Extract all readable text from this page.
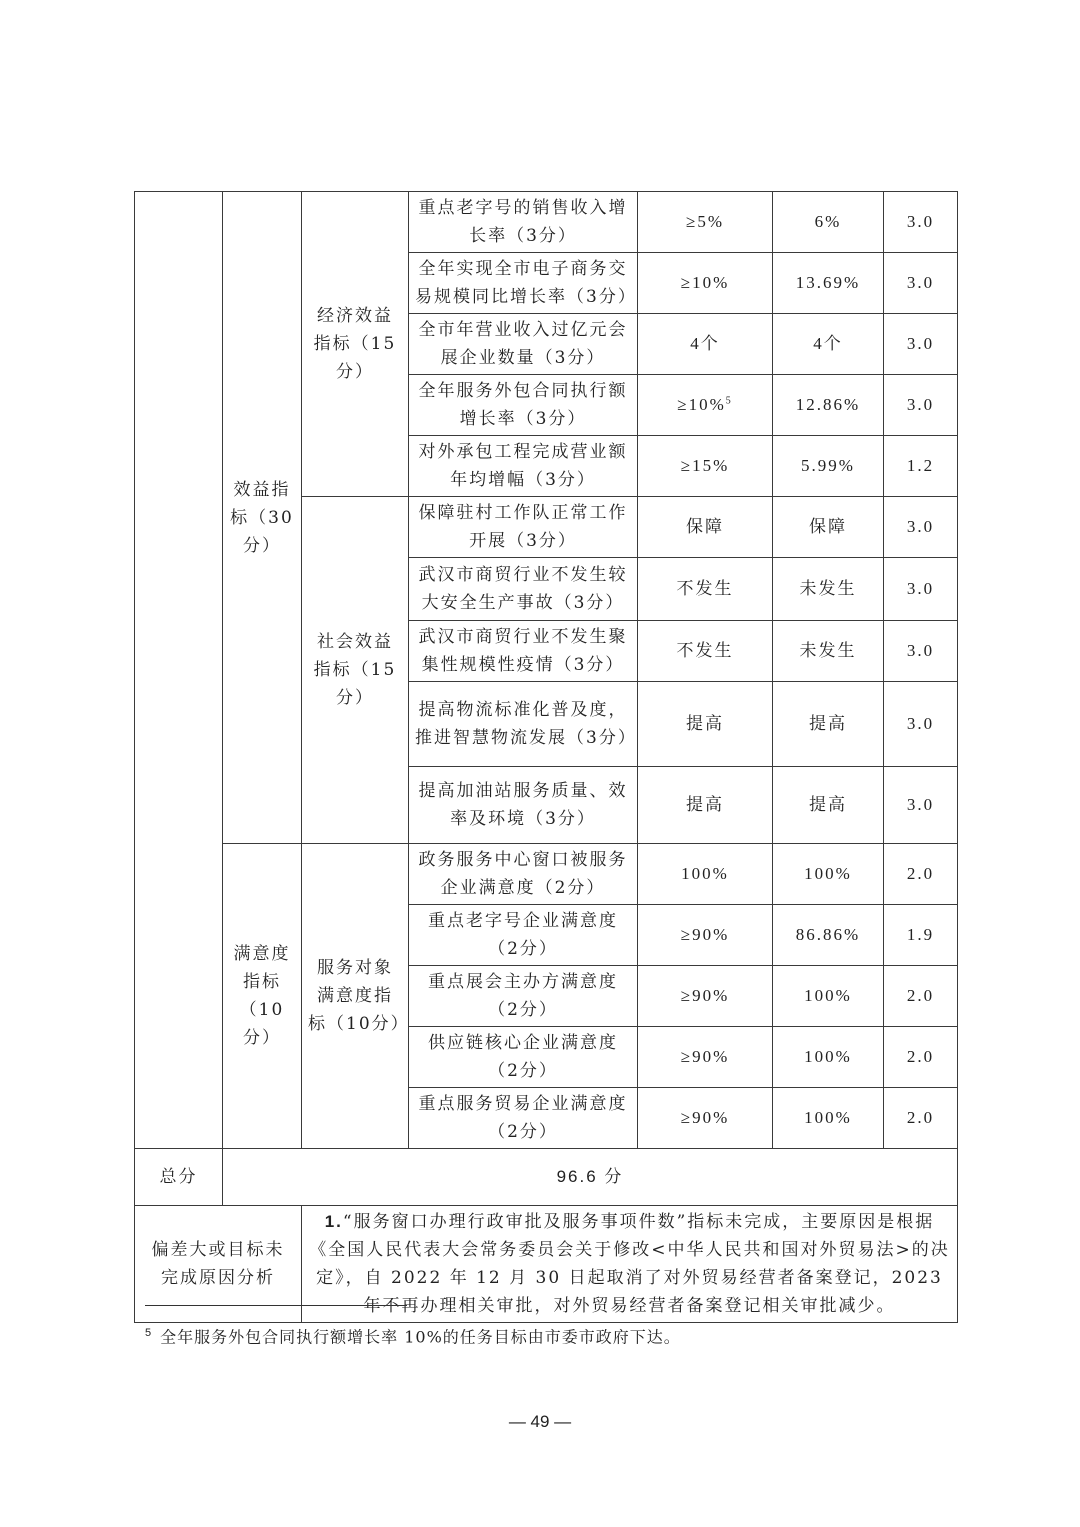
	效益指标（30分）	经济效益指标（15分）	重点老字号的销售收入增长率（3分）	≥5%	6%	3.0
			全年实现全市电子商务交易规模同比增长率（3分）	≥10%	13.69%	3.0
			全市年营业收入过亿元会展企业数量（3分）	4个	4个	3.0
			全年服务外包合同执行额增长率（3分）	≥10%$^5$	12.86%	3.0
			对外承包工程完成营业额年均增幅（3分）	≥15%	5.99%	1.2
		社会效益指标（15分）	保障驻村工作队正常工作开展（3分）	保障	保障	3.0
			武汉市商贸行业不发生较大安全生产事故（3分）	不发生	未发生	3.0
			武汉市商贸行业不发生聚集性规模性疫情（3分）	不发生	未发生	3.0
			提高物流标准化普及度，推进智慧物流发展（3分）	提高	提高	3.0
			提高加油站服务质量、效率及环境（3分）	提高	提高	3.0
	满意度指标（10分）	服务对象满意度指标（10分）	政务服务中心窗口被服务企业满意度（2分）	100%	100%	2.0
			重点老字号企业满意度（2分）	≥90%	86.86%	1.9
			重点展会主办方满意度（2分）	≥90%	100%	2.0
			供应链核心企业满意度（2分）	≥90%	100%	2.0
			重点服务贸易企业满意度（2分）	≥90%	100%	2.0
总分	96.6 分					
偏差大或目标未完成原因分析		1.“服务窗口办理行政审批及服务事项件数”指标未完成，主要原因是根据《全国人民代表大会常务委员会关于修改<中华人民共和国对外贸易法>的决定》，自 2022 年 12 月 30 日起取消了对外贸易经营者备案登记，2023 年不再办理相关审批，对外贸易经营者备案登记相关审批减少。				
$^5$ 全年服务外包合同执行额增长率 10%的任务目标由市委市政府下达。
— 49 —
